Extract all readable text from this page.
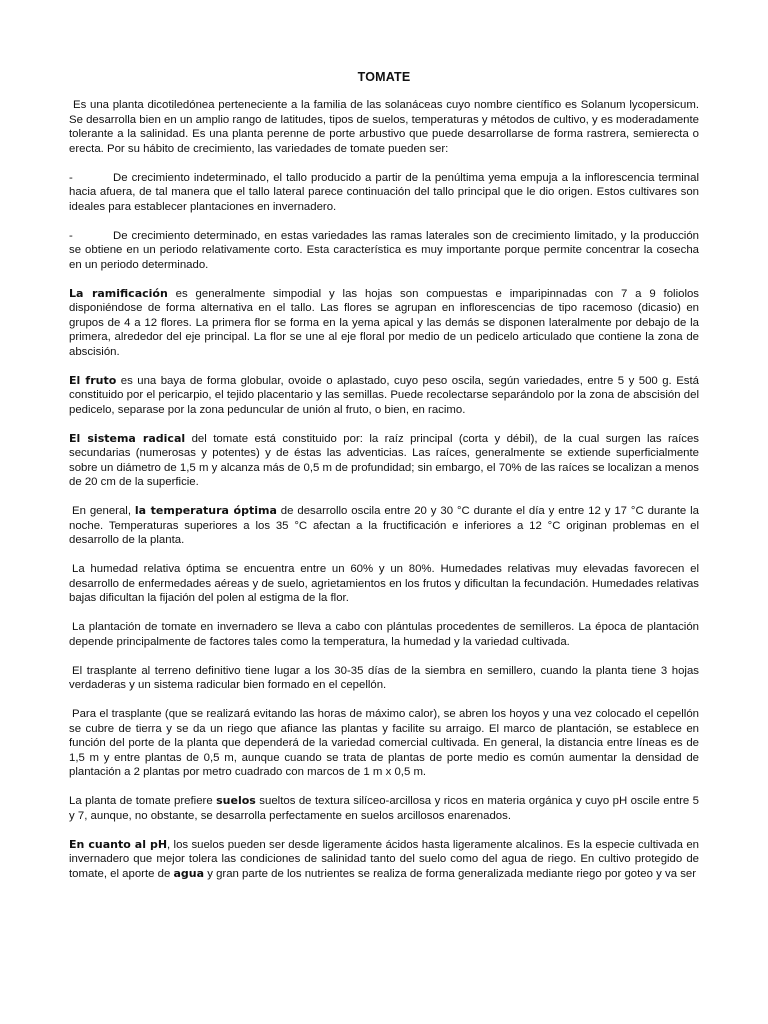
TOMATE

Es una planta dicotiledónea perteneciente a la familia de las solanáceas cuyo nombre científico es Solanum lycopersicum. Se desarrolla bien en un amplio rango de latitudes, tipos de suelos, temperaturas y métodos de cultivo, y es moderadamente tolerante a la salinidad. Es una planta perenne de porte arbustivo que puede desarrollarse de forma rastrera, semierecta o erecta. Por su hábito de crecimiento, las variedades de tomate pueden ser:

-	De crecimiento indeterminado, el tallo producido a partir de la penúltima yema empuja a la inflorescencia terminal hacia afuera, de tal manera que el tallo lateral parece continuación del tallo principal que le dio origen. Estos cultivares son ideales para establecer plantaciones en invernadero.

-	De crecimiento determinado, en estas variedades las ramas laterales son de crecimiento limitado, y la producción se obtiene en un periodo relativamente corto. Esta característica es muy importante porque permite concentrar la cosecha en un periodo determinado.

La ramificación es generalmente simpodial y las hojas son compuestas e imparipinnadas con 7 a 9 foliolos disponiéndose de forma alternativa en el tallo. Las flores se agrupan en inflorescencias de tipo racemoso (dicasio) en grupos de 4 a 12 flores. La primera flor se forma en la yema apical y las demás se disponen lateralmente por debajo de la primera, alrededor del eje principal. La flor se une al eje floral por medio de un pedicelo articulado que contiene la zona de abscisión.

El fruto es una baya de forma globular, ovoide o aplastado, cuyo peso oscila, según variedades, entre 5 y 500 g. Está constituido por el pericarpio, el tejido placentario y las semillas. Puede recolectarse separándolo por la zona de abscisión del pedicelo, separase por la zona peduncular de unión al fruto, o bien, en racimo.

El sistema radical del tomate está constituido por: la raíz principal (corta y débil), de la cual surgen las raíces secundarias (numerosas y potentes) y de éstas las adventicias. Las raíces, generalmente se extiende superficialmente sobre un diámetro de 1,5 m y alcanza más de 0,5 m de profundidad; sin embargo, el 70% de las raíces se localizan a menos de 20 cm de la superficie.

En general, la temperatura óptima de desarrollo oscila entre 20 y 30 °C durante el día y entre 12 y 17 °C durante la noche. Temperaturas superiores a los 35 °C afectan a la fructificación e inferiores a 12 °C originan problemas en el desarrollo de la planta.

La humedad relativa óptima se encuentra entre un 60% y un 80%. Humedades relativas muy elevadas favorecen el desarrollo de enfermedades aéreas y de suelo, agrietamientos en los frutos y dificultan la fecundación. Humedades relativas bajas dificultan la fijación del polen al estigma de la flor.

La plantación de tomate en invernadero se lleva a cabo con plántulas procedentes de semilleros. La época de plantación depende principalmente de factores tales como la temperatura, la humedad y la variedad cultivada.

El trasplante al terreno definitivo tiene lugar a los 30-35 días de la siembra en semillero, cuando la planta tiene 3 hojas verdaderas y un sistema radicular bien formado en el cepellón.

Para el trasplante (que se realizará evitando las horas de máximo calor), se abren los hoyos y una vez colocado el cepellón se cubre de tierra y se da un riego que afiance las plantas y facilite su arraigo. El marco de plantación, se establece en función del porte de la planta que dependerá de la variedad comercial cultivada. En general, la distancia entre líneas es de 1,5 m y entre plantas de 0,5 m, aunque cuando se trata de plantas de porte medio es común aumentar la densidad de plantación a 2 plantas por metro cuadrado con marcos de 1 m x 0,5 m.

La planta de tomate prefiere suelos sueltos de textura silíceo-arcillosa y ricos en materia orgánica y cuyo pH oscile entre 5 y 7, aunque, no obstante, se desarrolla perfectamente en suelos arcillosos enarenados.

En cuanto al pH, los suelos pueden ser desde ligeramente ácidos hasta ligeramente alcalinos. Es la especie cultivada en invernadero que mejor tolera las condiciones de salinidad tanto del suelo como del agua de riego. En cultivo protegido de tomate, el aporte de agua y gran parte de los nutrientes se realiza de forma generalizada mediante riego por goteo y va ser
